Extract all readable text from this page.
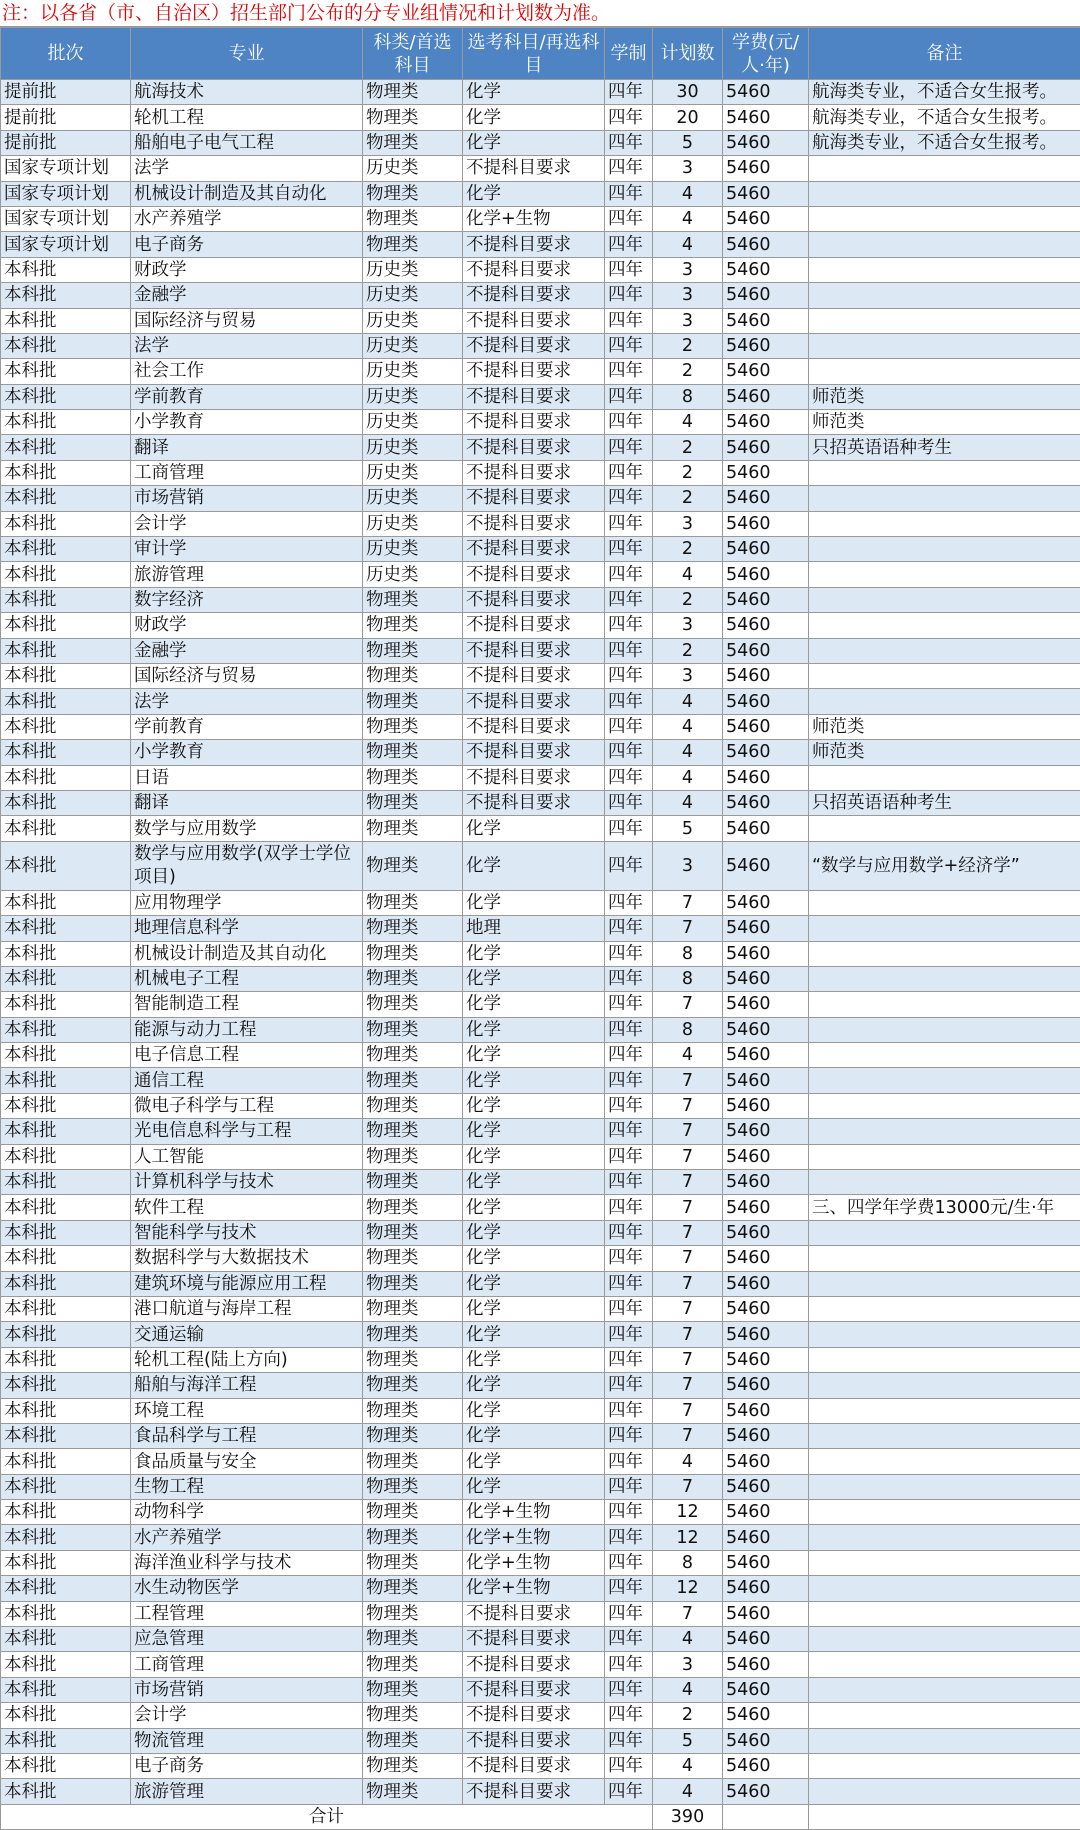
注：以各省（市、自治区）招生部门公布的分专业组情况和计划数为准。
批次	专业	科类/首选科目	选考科目/再选科目	学制	计划数	学费(元/人·年)	备注
提前批	航海技术	物理类	化学	四年	30	5460	航海类专业，不适合女生报考。
提前批	轮机工程	物理类	化学	四年	20	5460	航海类专业，不适合女生报考。
提前批	船舶电子电气工程	物理类	化学	四年	5	5460	航海类专业，不适合女生报考。
国家专项计划	法学	历史类	不提科目要求	四年	3	5460	
国家专项计划	机械设计制造及其自动化	物理类	化学	四年	4	5460	
国家专项计划	水产养殖学	物理类	化学+生物	四年	4	5460	
国家专项计划	电子商务	物理类	不提科目要求	四年	4	5460	
本科批	财政学	历史类	不提科目要求	四年	3	5460	
本科批	金融学	历史类	不提科目要求	四年	3	5460	
本科批	国际经济与贸易	历史类	不提科目要求	四年	3	5460	
本科批	法学	历史类	不提科目要求	四年	2	5460	
本科批	社会工作	历史类	不提科目要求	四年	2	5460	
本科批	学前教育	历史类	不提科目要求	四年	8	5460	师范类
本科批	小学教育	历史类	不提科目要求	四年	4	5460	师范类
本科批	翻译	历史类	不提科目要求	四年	2	5460	只招英语语种考生
本科批	工商管理	历史类	不提科目要求	四年	2	5460	
本科批	市场营销	历史类	不提科目要求	四年	2	5460	
本科批	会计学	历史类	不提科目要求	四年	3	5460	
本科批	审计学	历史类	不提科目要求	四年	2	5460	
本科批	旅游管理	历史类	不提科目要求	四年	4	5460	
本科批	数字经济	物理类	不提科目要求	四年	2	5460	
本科批	财政学	物理类	不提科目要求	四年	3	5460	
本科批	金融学	物理类	不提科目要求	四年	2	5460	
本科批	国际经济与贸易	物理类	不提科目要求	四年	3	5460	
本科批	法学	物理类	不提科目要求	四年	4	5460	
本科批	学前教育	物理类	不提科目要求	四年	4	5460	师范类
本科批	小学教育	物理类	不提科目要求	四年	4	5460	师范类
本科批	日语	物理类	不提科目要求	四年	4	5460	
本科批	翻译	物理类	不提科目要求	四年	4	5460	只招英语语种考生
本科批	数学与应用数学	物理类	化学	四年	5	5460	
本科批	数学与应用数学(双学士学位项目)	物理类	化学	四年	3	5460	“数学与应用数学+经济学”
本科批	应用物理学	物理类	化学	四年	7	5460	
本科批	地理信息科学	物理类	地理	四年	7	5460	
本科批	机械设计制造及其自动化	物理类	化学	四年	8	5460	
本科批	机械电子工程	物理类	化学	四年	8	5460	
本科批	智能制造工程	物理类	化学	四年	7	5460	
本科批	能源与动力工程	物理类	化学	四年	8	5460	
本科批	电子信息工程	物理类	化学	四年	4	5460	
本科批	通信工程	物理类	化学	四年	7	5460	
本科批	微电子科学与工程	物理类	化学	四年	7	5460	
本科批	光电信息科学与工程	物理类	化学	四年	7	5460	
本科批	人工智能	物理类	化学	四年	7	5460	
本科批	计算机科学与技术	物理类	化学	四年	7	5460	
本科批	软件工程	物理类	化学	四年	7	5460	三、四学年学费13000元/生·年
本科批	智能科学与技术	物理类	化学	四年	7	5460	
本科批	数据科学与大数据技术	物理类	化学	四年	7	5460	
本科批	建筑环境与能源应用工程	物理类	化学	四年	7	5460	
本科批	港口航道与海岸工程	物理类	化学	四年	7	5460	
本科批	交通运输	物理类	化学	四年	7	5460	
本科批	轮机工程(陆上方向)	物理类	化学	四年	7	5460	
本科批	船舶与海洋工程	物理类	化学	四年	7	5460	
本科批	环境工程	物理类	化学	四年	7	5460	
本科批	食品科学与工程	物理类	化学	四年	7	5460	
本科批	食品质量与安全	物理类	化学	四年	4	5460	
本科批	生物工程	物理类	化学	四年	7	5460	
本科批	动物科学	物理类	化学+生物	四年	12	5460	
本科批	水产养殖学	物理类	化学+生物	四年	12	5460	
本科批	海洋渔业科学与技术	物理类	化学+生物	四年	8	5460	
本科批	水生动物医学	物理类	化学+生物	四年	12	5460	
本科批	工程管理	物理类	不提科目要求	四年	7	5460	
本科批	应急管理	物理类	不提科目要求	四年	4	5460	
本科批	工商管理	物理类	不提科目要求	四年	3	5460	
本科批	市场营销	物理类	不提科目要求	四年	4	5460	
本科批	会计学	物理类	不提科目要求	四年	2	5460	
本科批	物流管理	物理类	不提科目要求	四年	5	5460	
本科批	电子商务	物理类	不提科目要求	四年	4	5460	
本科批	旅游管理	物理类	不提科目要求	四年	4	5460	
合计					390		
